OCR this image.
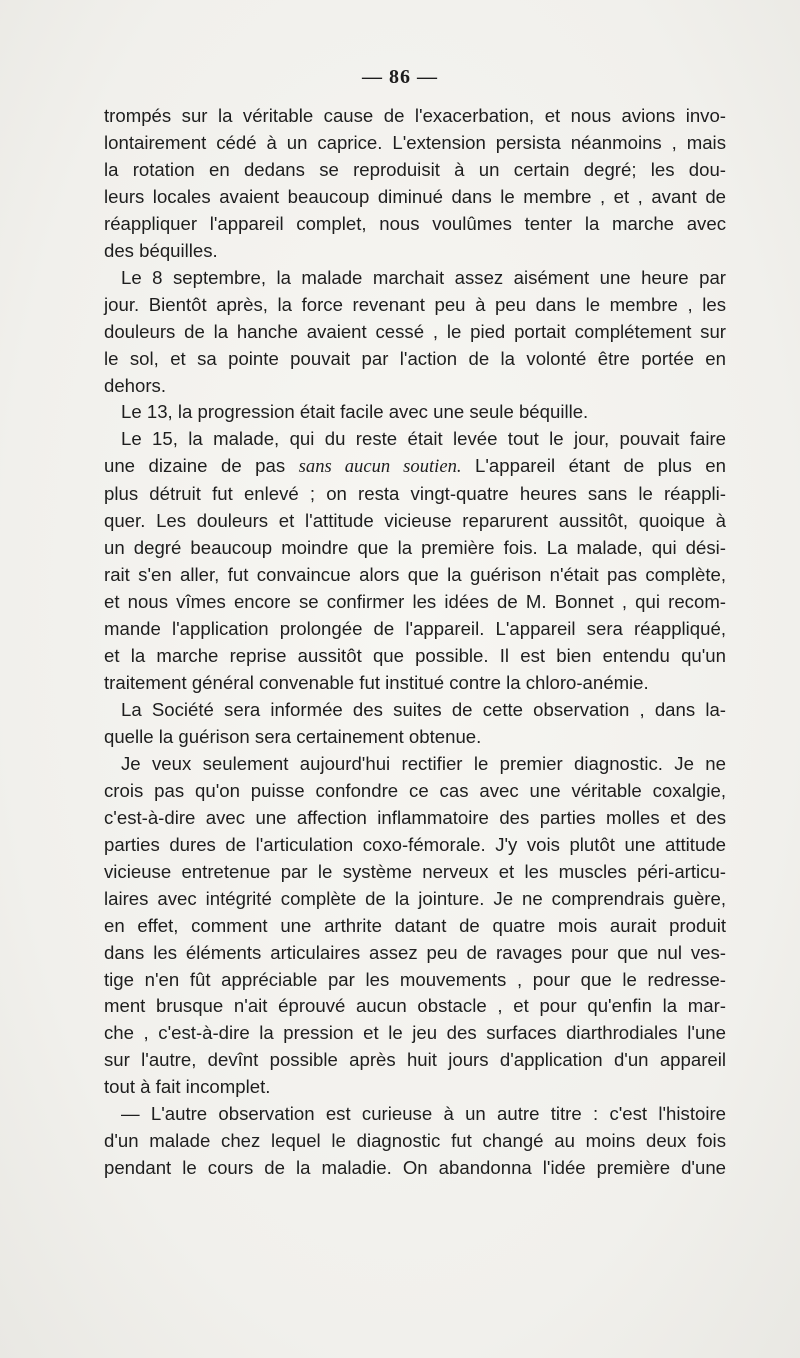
— 86 —

trompés sur la véritable cause de l'exacerbation, et nous avions invo-
lontairement cédé à un caprice. L'extension persista néanmoins , mais
la rotation en dedans se reproduisit à un certain degré; les dou-
leurs locales avaient beaucoup diminué dans le membre , et , avant de
réappliquer l'appareil complet, nous voulûmes tenter la marche avec
des béquilles.

Le 8 septembre, la malade marchait assez aisément une heure par
jour. Bientôt après, la force revenant peu à peu dans le membre , les
douleurs de la hanche avaient cessé , le pied portait complétement sur
le sol, et sa pointe pouvait par l'action de la volonté être portée en
dehors.

Le 13, la progression était facile avec une seule béquille.

Le 15, la malade, qui du reste était levée tout le jour, pouvait faire
une dizaine de pas sans aucun soutien. L'appareil étant de plus en
plus détruit fut enlevé ; on resta vingt-quatre heures sans le réappli-
quer. Les douleurs et l'attitude vicieuse reparurent aussitôt, quoique à
un degré beaucoup moindre que la première fois. La malade, qui dési-
rait s'en aller, fut convaincue alors que la guérison n'était pas complète,
et nous vîmes encore se confirmer les idées de M. Bonnet , qui recom-
mande l'application prolongée de l'appareil. L'appareil sera réappliqué,
et la marche reprise aussitôt que possible. Il est bien entendu qu'un
traitement général convenable fut institué contre la chloro-anémie.

La Société sera informée des suites de cette observation , dans la-
quelle la guérison sera certainement obtenue.

Je veux seulement aujourd'hui rectifier le premier diagnostic. Je ne
crois pas qu'on puisse confondre ce cas avec une véritable coxalgie,
c'est-à-dire avec une affection inflammatoire des parties molles et des
parties dures de l'articulation coxo-fémorale. J'y vois plutôt une attitude
vicieuse entretenue par le système nerveux et les muscles péri-articu-
laires avec intégrité complète de la jointure. Je ne comprendrais guère,
en effet, comment une arthrite datant de quatre mois aurait produit
dans les éléments articulaires assez peu de ravages pour que nul ves-
tige n'en fût appréciable par les mouvements , pour que le redresse-
ment brusque n'ait éprouvé aucun obstacle , et pour qu'enfin la mar-
che , c'est-à-dire la pression et le jeu des surfaces diarthrodiales l'une
sur l'autre, devînt possible après huit jours d'application d'un appareil
tout à fait incomplet.

— L'autre observation est curieuse à un autre titre : c'est l'histoire
d'un malade chez lequel le diagnostic fut changé au moins deux fois
pendant le cours de la maladie. On abandonna l'idée première d'une
